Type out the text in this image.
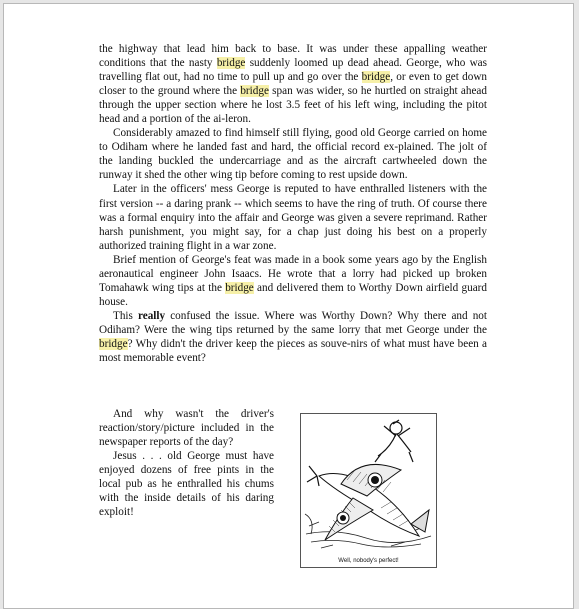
the highway that lead him back to base. It was under these appalling weather conditions that the nasty bridge suddenly loomed up dead ahead. George, who was travelling flat out, had no time to pull up and go over the bridge, or even to get down closer to the ground where the bridge span was wider, so he hurtled on straight ahead through the upper section where he lost 3.5 feet of his left wing, including the pitot head and a portion of the ai-leron.

Considerably amazed to find himself still flying, good old George carried on home to Odiham where he landed fast and hard, the official record ex-plained. The jolt of the landing buckled the undercarriage and as the aircraft cartwheeled down the runway it shed the other wing tip before coming to rest upside down.

Later in the officers' mess George is reputed to have enthralled listeners with the first version -- a daring prank -- which seems to have the ring of truth. Of course there was a formal enquiry into the affair and George was given a severe reprimand. Rather harsh punishment, you might say, for a chap just doing his best on a properly authorized training flight in a war zone.

Brief mention of George's feat was made in a book some years ago by the English aeronautical engineer John Isaacs. He wrote that a lorry had picked up broken Tomahawk wing tips at the bridge and delivered them to Worthy Down airfield guard house.

This really confused the issue. Where was Worthy Down? Why there and not Odiham? Were the wing tips returned by the same lorry that met George under the bridge? Why didn't the driver keep the pieces as souve-nirs of what must have been a most memorable event?

And why wasn't the driver's reaction/story/picture included in the newspaper reports of the day?

Jesus . . . old George must have enjoyed dozens of free pints in the local pub as he enthralled his chums with the inside details of his daring exploit!

Well, nobody's perfect!
